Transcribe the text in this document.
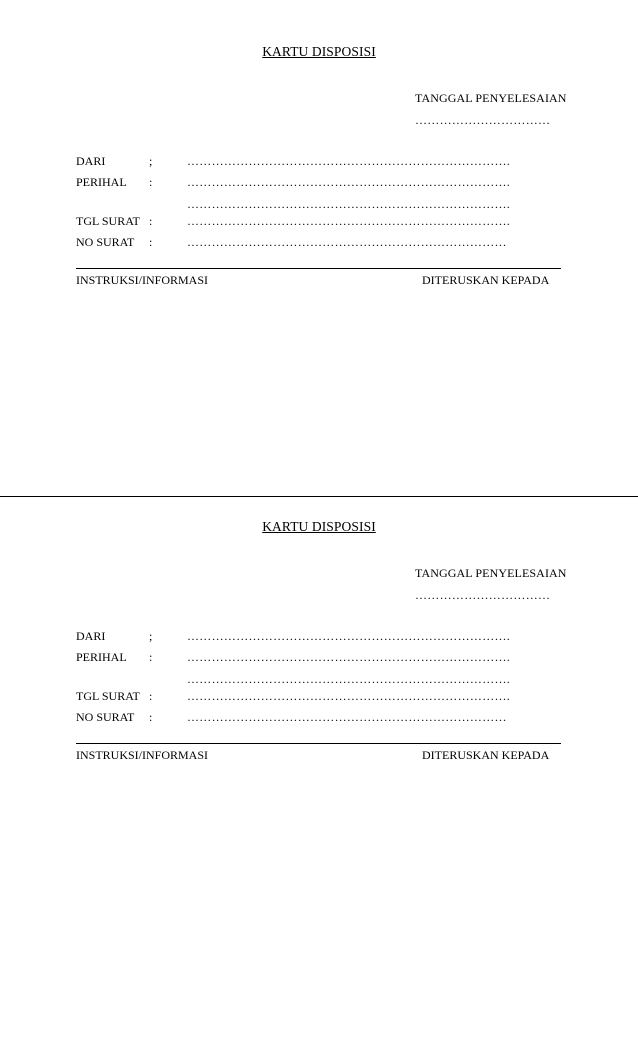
KARTU DISPOSISI
TANGGAL PENYELESAIAN
……………………………
DARI	;	…………………………………………………………………….
PERIHAL :	…………………………………………………………………….
…………………………………………………………………….
TGL SURAT :	…………………………………………………………………….
NO SURAT :	……………………………………………………………………
INSTRUKSI/INFORMASI	DITERUSKAN KEPADA
KARTU DISPOSISI
TANGGAL PENYELESAIAN
……………………………
DARI	;	…………………………………………………………………….
PERIHAL :	…………………………………………………………………….
…………………………………………………………………….
TGL SURAT :	…………………………………………………………………….
NO SURAT :	……………………………………………………………………
INSTRUKSI/INFORMASI	DITERUSKAN KEPADA
